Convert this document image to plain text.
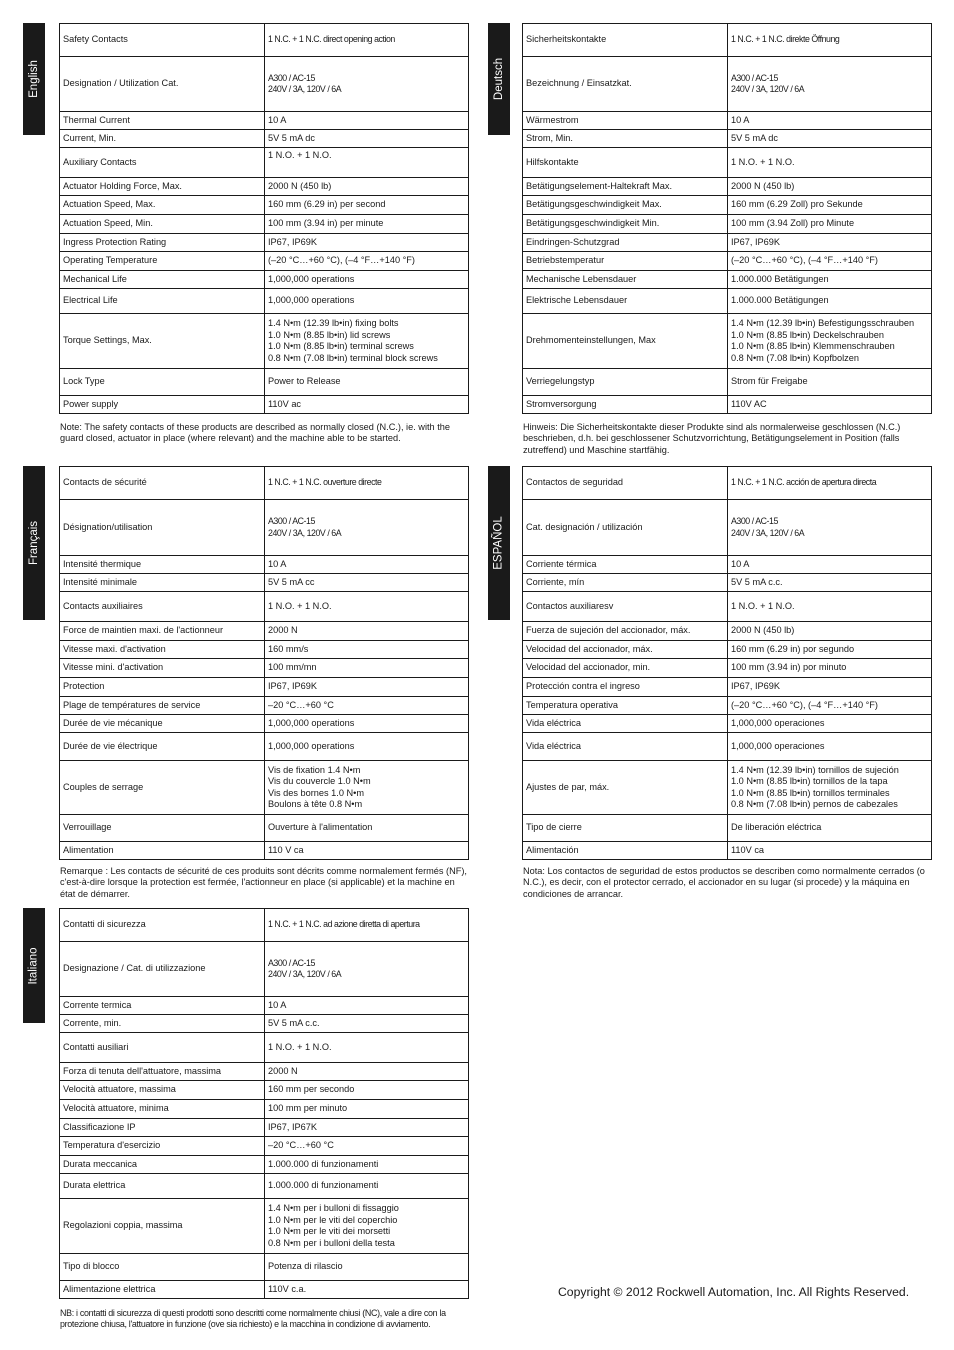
English
Safety Contacts	1 N.C. + 1 N.C. direct opening action
Designation / Utilization Cat.	A300 / AC-15
240V / 3A, 120V / 6A
Thermal Current	10 A
Current, Min.	5V 5 mA dc
Auxiliary Contacts	1 N.O. + 1 N.O.
Actuator Holding Force, Max.	2000 N (450 lb)
Actuation Speed, Max.	160 mm (6.29 in) per second
Actuation Speed, Min.	100 mm (3.94 in) per minute
Ingress Protection Rating	IP67, IP69K
Operating Temperature	(–20 °C…+60 °C), (–4 °F…+140 °F)
Mechanical Life	1,000,000 operations
Electrical Life	1,000,000 operations
Torque Settings, Max.	1.4 N•m (12.39 lb•in) fixing bolts
1.0 N•m (8.85 lb•in) lid screws
1.0 N•m (8.85 lb•in) terminal screws
0.8 N•m (7.08 lb•in) terminal block screws
Lock Type	Power to Release
Power supply	110V ac
Note: The safety contacts of these products are described as normally closed (N.C.), ie. with the guard closed, actuator in place (where relevant) and the machine able to be started.
Deutsch
Sicherheitskontakte	1 N.C. + 1 N.C. direkte Öffnung
Bezeichnung / Einsatzkat.	A300 / AC-15
240V / 3A, 120V / 6A
Wärmestrom	10 A
Strom, Min.	5V 5 mA dc
Hilfskontakte	1 N.O. + 1 N.O.
Betätigungselement-Haltekraft Max.	2000 N (450 lb)
Betätigungsgeschwindigkeit Max.	160 mm (6.29 Zoll) pro Sekunde
Betätigungsgeschwindigkeit Min.	100 mm (3.94 Zoll) pro Minute
Eindringen-Schutzgrad	IP67, IP69K
Betriebstemperatur	(–20 °C…+60 °C), (–4 °F…+140 °F)
Mechanische Lebensdauer	1.000.000 Betätigungen
Elektrische Lebensdauer	1.000.000 Betätigungen
Drehmomenteinstellungen, Max	1.4 N•m (12.39 lb•in) Befestigungsschrauben
1.0 N•m (8.85 lb•in) Deckelschrauben
1.0 N•m (8.85 lb•in) Klemmenschrauben
0.8 N•m (7.08 lb•in) Kopfbolzen
Verriegelungstyp	Strom für Freigabe
Stromversorgung	110V AC
Hinweis: Die Sicherheitskontakte dieser Produkte sind als normalerweise geschlossen (N.C.) beschrieben, d.h. bei geschlossener Schutzvorrichtung, Betätigungselement in Position (falls zutreffend) und Maschine startfähig.
Français
Contacts de sécurité	1 N.C. + 1 N.C. ouverture directe
Désignation/utilisation	A300 / AC-15
240V / 3A, 120V / 6A
Intensité thermique	10 A
Intensité minimale	5V 5 mA cc
Contacts auxiliaires	1 N.O. + 1 N.O.
Force de maintien maxi. de l'actionneur	2000 N
Vitesse maxi. d'activation	160 mm/s
Vitesse mini. d'activation	100 mm/mn
Protection	IP67, IP69K
Plage de températures de service	–20 °C…+60 °C
Durée de vie mécanique	1,000,000 operations
Durée de vie électrique	1,000,000 operations
Couples de serrage	Vis de fixation 1.4 N•m
Vis du couvercle 1.0 N•m
Vis des bornes 1.0 N•m
Boulons à tête 0.8 N•m
Verrouillage	Ouverture à l'alimentation
Alimentation	110 V ca
Remarque : Les contacts de sécurité de ces produits sont décrits comme normalement fermés (NF), c'est-à-dire lorsque la protection est fermée, l'actionneur en place (si applicable) et la machine en état de démarrer.
ESPAÑOL
Contactos de seguridad	1 N.C. + 1 N.C. acción de apertura directa
Cat. designación / utilización	A300 / AC-15
240V / 3A, 120V / 6A
Corriente térmica	10 A
Corriente, mín	5V 5 mA c.c.
Contactos auxiliaresv	1 N.O. + 1 N.O.
Fuerza de sujeción del accionador, máx.	2000 N (450 lb)
Velocidad del accionador, máx.	160 mm (6.29 in) por segundo
Velocidad del accionador, min.	100 mm (3.94 in) por minuto
Protección contra el ingreso	IP67, IP69K
Temperatura operativa	(–20 °C…+60 °C), (–4 °F…+140 °F)
Vida eléctrica	1,000,000 operaciones
Vida eléctrica	1,000,000 operaciones
Ajustes de par, máx.	1.4 N•m (12.39 lb•in) tornillos de sujeción
1.0 N•m (8.85 lb•in) tornillos de la tapa
1.0 N•m (8.85 lb•in) tornillos terminales
0.8 N•m (7.08 lb•in) pernos de cabezales
Tipo de cierre	De liberación eléctrica
Alimentación	110V ca
Nota: Los contactos de seguridad de estos productos se describen como normalmente cerrados (o N.C.), es decir, con el protector cerrado, el accionador en su lugar (si procede) y la máquina en condiciones de arrancar.
Italiano
Contatti di sicurezza	1 N.C. + 1 N.C. ad azione diretta di apertura
Designazione / Cat. di utilizzazione	A300 / AC-15
240V / 3A, 120V / 6A
Corrente termica	10 A
Corrente, min.	5V 5 mA c.c.
Contatti ausiliari	1 N.O. + 1 N.O.
Forza di tenuta dell'attuatore, massima	2000 N
Velocità attuatore, massima	160 mm per secondo
Velocità attuatore, minima	100 mm per minuto
Classificazione IP	IP67, IP67K
Temperatura d'esercizio	–20 °C…+60 °C
Durata meccanica	1.000.000 di funzionamenti
Durata elettrica	1.000.000 di funzionamenti
Regolazioni coppia, massima	1.4 N•m per i bulloni di fissaggio
1.0 N•m per le viti del coperchio
1.0 N•m per le viti dei morsetti
0.8 N•m per i bulloni della testa
Tipo di blocco	Potenza di rilascio
Alimentazione elettrica	110V c.a.
NB: i contatti di sicurezza di questi prodotti sono descritti come normalmente chiusi (NC), vale a dire con la protezione chiusa, l'attuatore in funzione (ove sia richiesto) e la macchina in condizione di avviamento.
Copyright © 2012 Rockwell Automation, Inc. All Rights Reserved.
